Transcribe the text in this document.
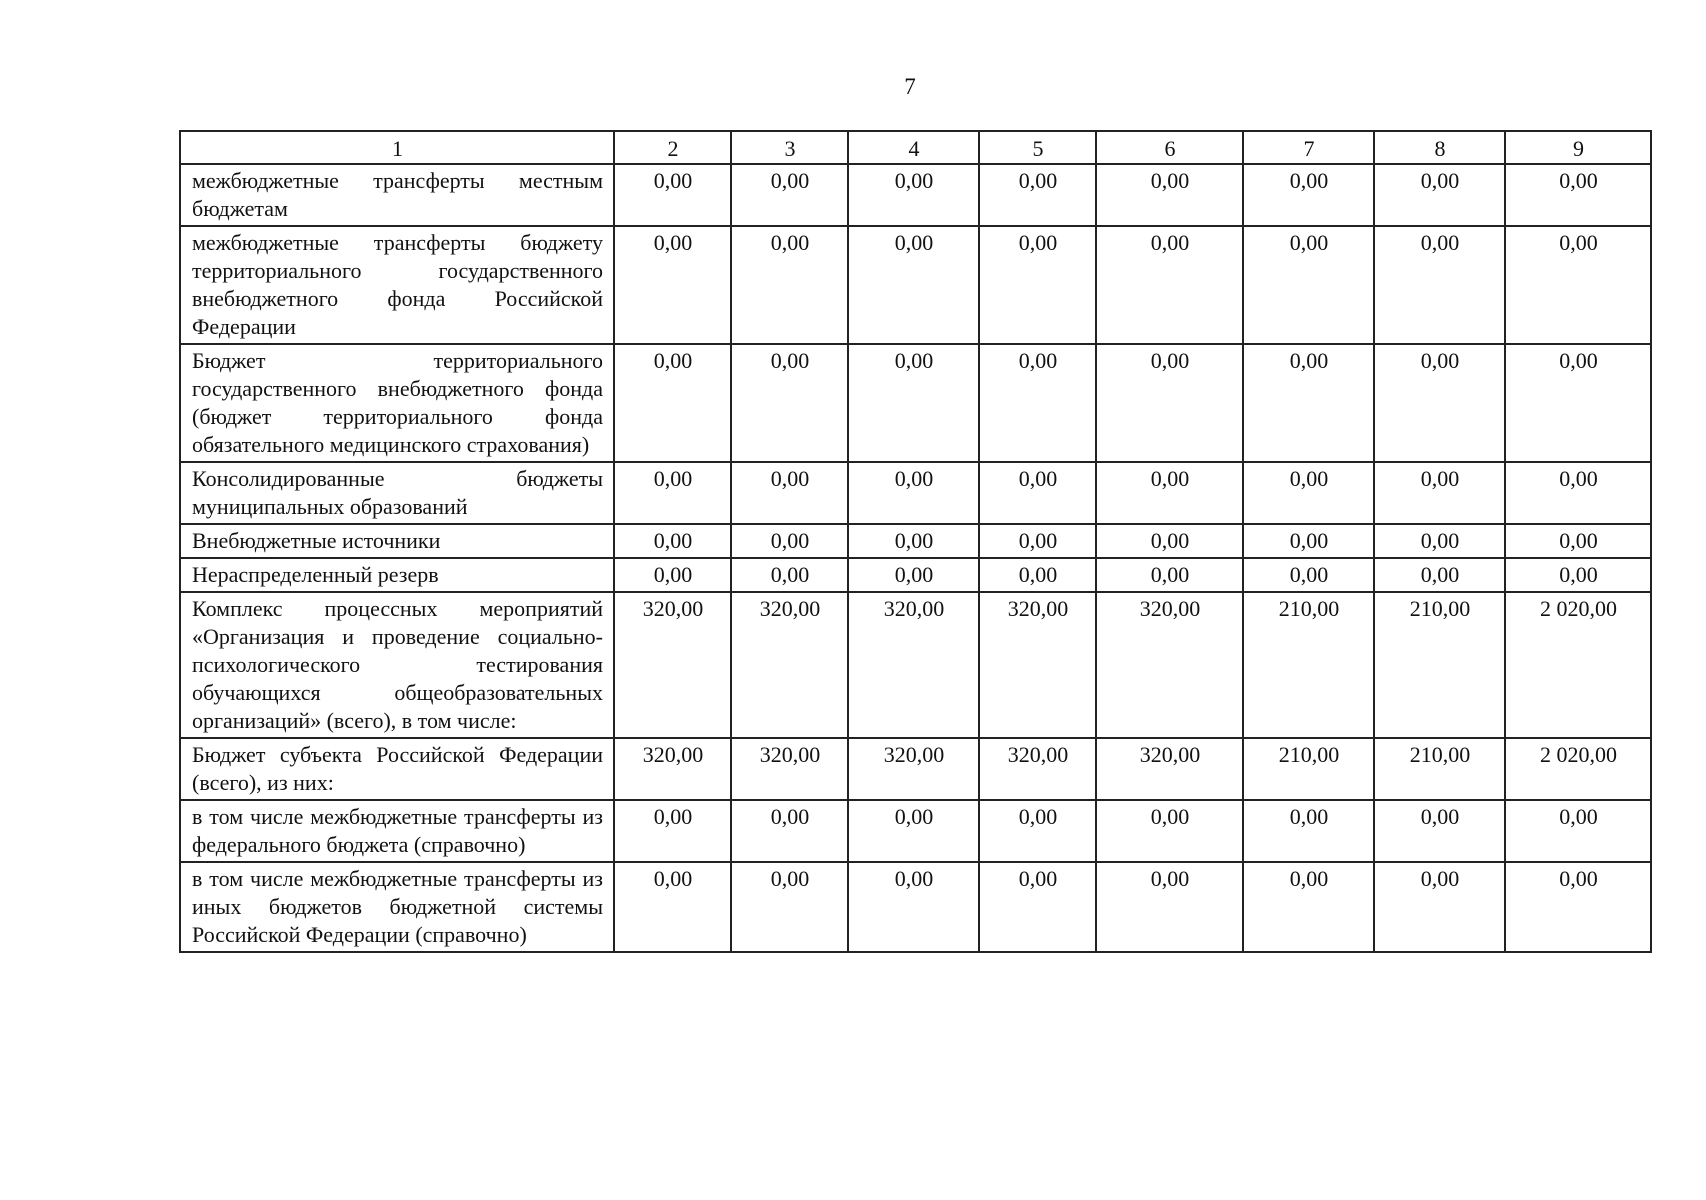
7
1	2	3	4	5	6	7	8	9
межбюджетные трансферты местным бюджетам	0,00	0,00	0,00	0,00	0,00	0,00	0,00	0,00
межбюджетные трансферты бюджету территориального государственного внебюджетного фонда Российской Федерации	0,00	0,00	0,00	0,00	0,00	0,00	0,00	0,00
Бюджет территориального государственного внебюджетного фонда (бюджет территориального фонда обязательного медицинского страхования)	0,00	0,00	0,00	0,00	0,00	0,00	0,00	0,00
Консолидированные бюджеты муниципальных образований	0,00	0,00	0,00	0,00	0,00	0,00	0,00	0,00
Внебюджетные источники	0,00	0,00	0,00	0,00	0,00	0,00	0,00	0,00
Нераспределенный резерв	0,00	0,00	0,00	0,00	0,00	0,00	0,00	0,00
Комплекс процессных мероприятий «Организация и проведение социально-психологического тестирования обучающихся общеобразовательных организаций» (всего), в том числе:	320,00	320,00	320,00	320,00	320,00	210,00	210,00	2 020,00
Бюджет субъекта Российской Федерации (всего), из них:	320,00	320,00	320,00	320,00	320,00	210,00	210,00	2 020,00
в том числе межбюджетные трансферты из федерального бюджета (справочно)	0,00	0,00	0,00	0,00	0,00	0,00	0,00	0,00
в том числе межбюджетные трансферты из иных бюджетов бюджетной системы Российской Федерации (справочно)	0,00	0,00	0,00	0,00	0,00	0,00	0,00	0,00
